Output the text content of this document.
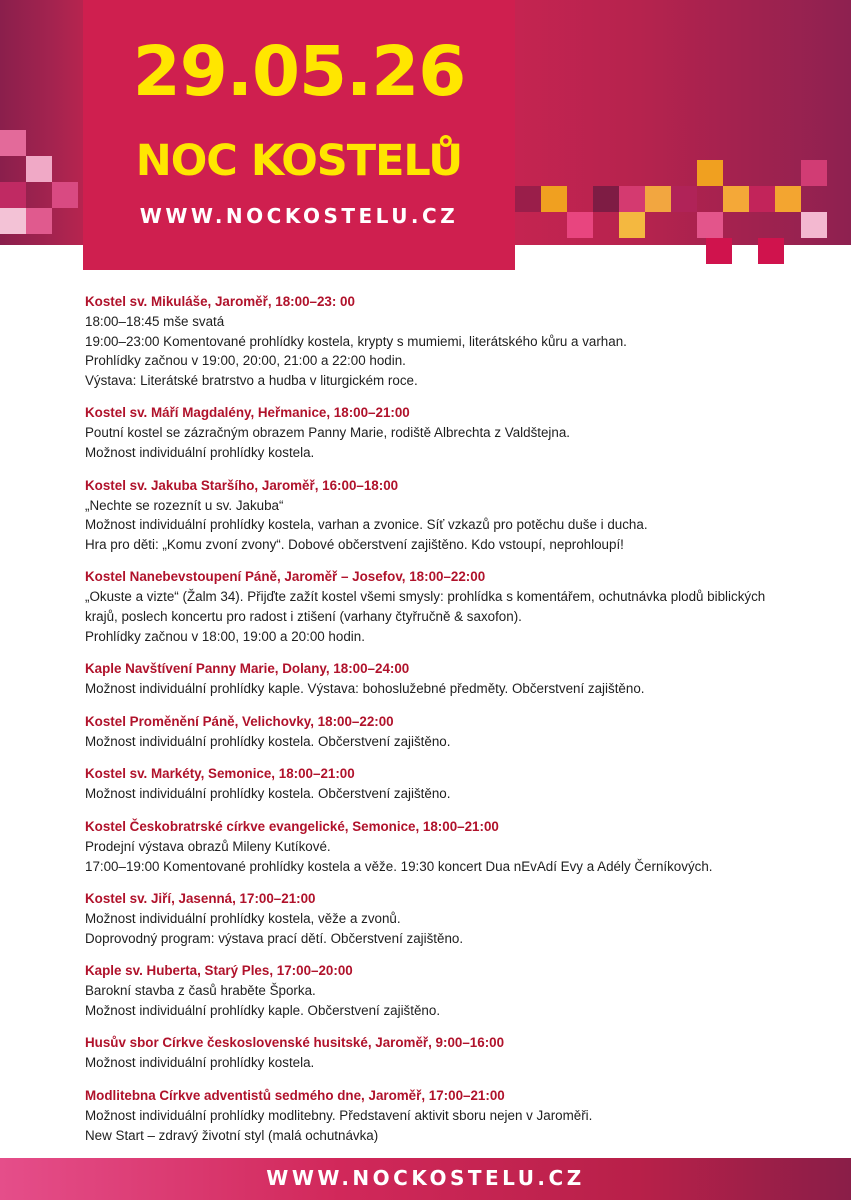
29.05.26
NOC KOSTELŮ
WWW.NOCKOSTELU.CZ
Kostel sv. Mikuláše, Jaroměř, 18:00–23: 00

18:00–18:45 mše svatá

19:00–23:00 Komentované prohlídky kostela, krypty s mumiemi, literátského kůru a varhan.

Prohlídky začnou v 19:00, 20:00, 21:00 a 22:00 hodin.

Výstava: Literátské bratrstvo a hudba v liturgickém roce.

Kostel sv. Máří Magdalény, Heřmanice, 18:00–21:00

Poutní kostel se zázračným obrazem Panny Marie, rodiště Albrechta z Valdštejna.

Možnost individuální prohlídky kostela.

Kostel sv. Jakuba Staršího, Jaroměř, 16:00–18:00

„Nechte se rozeznít u sv. Jakuba“

Možnost individuální prohlídky kostela, varhan a zvonice. Síť vzkazů pro potěchu duše i ducha.

Hra pro děti: „Komu zvoní zvony“. Dobové občerstvení zajištěno. Kdo vstoupí, neprohloupí!

Kostel Nanebevstoupení Páně, Jaroměř – Josefov, 18:00–22:00

„Okuste a vizte“ (Žalm 34). Přijďte zažít kostel všemi smysly: prohlídka s komentářem, ochutnávka plodů biblických

krajů, poslech koncertu pro radost i ztišení (varhany čtyřručně & saxofon).

Prohlídky začnou v 18:00, 19:00 a 20:00 hodin.

Kaple Navštívení Panny Marie, Dolany, 18:00–24:00

Možnost individuální prohlídky kaple. Výstava: bohoslužebné předměty. Občerstvení zajištěno.

Kostel Proměnění Páně, Velichovky, 18:00–22:00

Možnost individuální prohlídky kostela. Občerstvení zajištěno.

Kostel sv. Markéty, Semonice, 18:00–21:00

Možnost individuální prohlídky kostela. Občerstvení zajištěno.

Kostel Českobratrské církve evangelické, Semonice, 18:00–21:00

Prodejní výstava obrazů Mileny Kutíkové.

17:00–19:00 Komentované prohlídky kostela a věže. 19:30 koncert Dua nEvAdí Evy a Adély Černíkových.

Kostel sv. Jiří, Jasenná, 17:00–21:00

Možnost individuální prohlídky kostela, věže a zvonů.

Doprovodný program: výstava prací dětí. Občerstvení zajištěno.

Kaple sv. Huberta, Starý Ples, 17:00–20:00

Barokní stavba z časů hraběte Šporka.

Možnost individuální prohlídky kaple. Občerstvení zajištěno.

Husův sbor Církve československé husitské, Jaroměř, 9:00–16:00

Možnost individuální prohlídky kostela.

Modlitebna Církve adventistů sedmého dne, Jaroměř, 17:00–21:00

Možnost individuální prohlídky modlitebny. Představení aktivit sboru nejen v Jaroměři.

New Start – zdravý životní styl (malá ochutnávka)

WWW.NOCKOSTELU.CZ
